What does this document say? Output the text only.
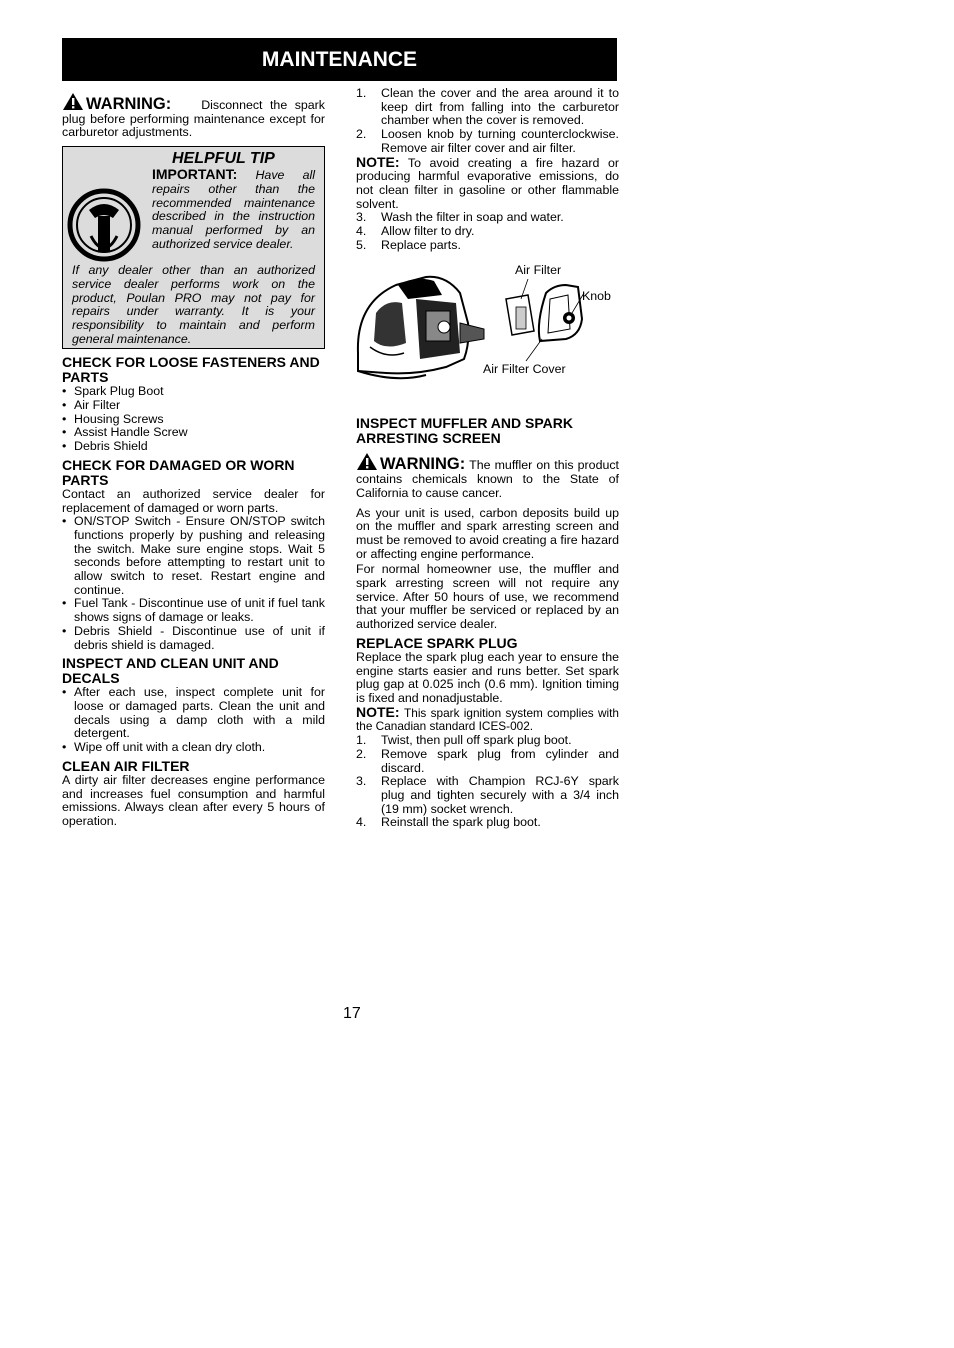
MAINTENANCE

WARNING: Disconnect the spark plug before performing maintenance except for carburetor adjustments.

HELPFUL TIP

IMPORTANT: Have all repairs other than the recommended maintenance described in the instruction manual performed by an authorized service dealer.

If any dealer other than an authorized service dealer performs work on the product, Poulan PRO may not pay for repairs under warranty. It is your responsibility to maintain and perform general maintenance.

CHECK FOR LOOSE FASTENERS AND PARTS
• Spark Plug Boot
• Air Filter
• Housing Screws
• Assist Handle Screw
• Debris Shield
CHECK FOR DAMAGED OR WORN PARTS

Contact an authorized service dealer for replacement of damaged or worn parts.

• ON/STOP Switch - Ensure ON/STOP switch functions properly by pushing and releasing the switch. Make sure engine stops. Wait 5 seconds before attempting to restart unit to allow switch to reset. Restart engine and continue.
• Fuel Tank - Discontinue use of unit if fuel tank shows signs of damage or leaks.
• Debris Shield - Discontinue use of unit if debris shield is damaged.
INSPECT AND CLEAN UNIT AND DECALS
• After each use, inspect complete unit for loose or damaged parts. Clean the unit and decals using a damp cloth with a mild detergent.
• Wipe off unit with a clean dry cloth.
CLEAN AIR FILTER

A dirty air filter decreases engine performance and increases fuel consumption and harmful emissions. Always clean after every 5 hours of operation.

1. Clean the cover and the area around it to keep dirt from falling into the carburetor chamber when the cover is removed.
2. Loosen knob by turning counterclockwise. Remove air filter cover and air filter.

NOTE: To avoid creating a fire hazard or producing harmful evaporative emissions, do not clean filter in gasoline or other flammable solvent.

3. Wash the filter in soap and water.
4. Allow filter to dry.
5. Replace parts.
Air Filter
Knob
Air Filter Cover
INSPECT MUFFLER AND SPARK ARRESTING SCREEN

WARNING: The muffler on this product contains chemicals known to the State of California to cause cancer.

As your unit is used, carbon deposits build up on the muffler and spark arresting screen and must be removed to avoid creating a fire hazard or affecting engine performance.

For normal homeowner use, the muffler and spark arresting screen will not require any service. After 50 hours of use, we recommend that your muffler be serviced or replaced by an authorized service dealer.

REPLACE SPARK PLUG

Replace the spark plug each year to ensure the engine starts easier and runs better. Set spark plug gap at 0.025 inch (0.6 mm). Ignition timing is fixed and nonadjustable.

NOTE: This spark ignition system complies with the Canadian standard ICES-002.

1. Twist, then pull off spark plug boot.
2. Remove spark plug from cylinder and discard.
3. Replace with Champion RCJ-6Y spark plug and tighten securely with a 3/4 inch (19 mm) socket wrench.
4. Reinstall the spark plug boot.
17
